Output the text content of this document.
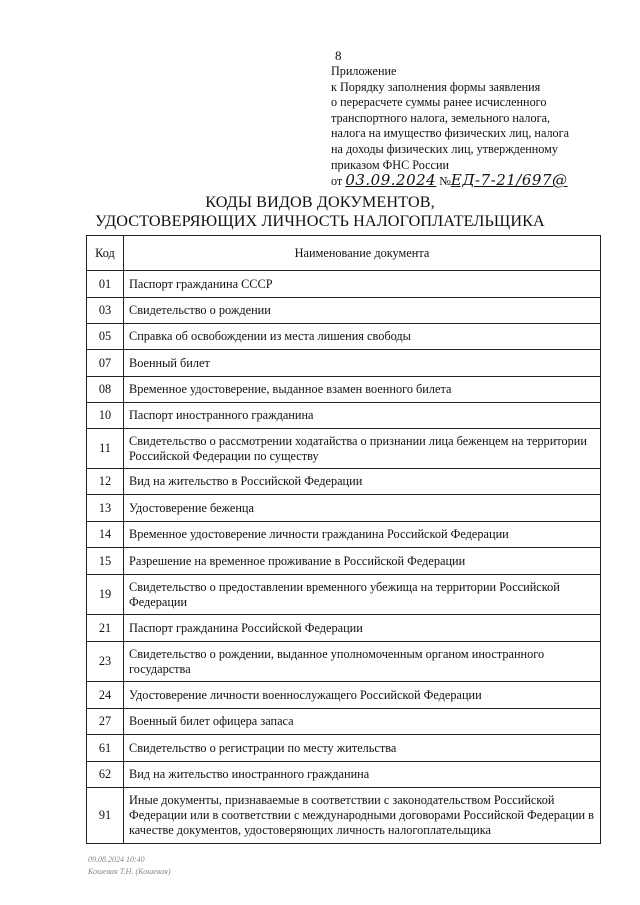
8
Приложение
к Порядку заполнения формы заявления
о перерасчете суммы ранее исчисленного
транспортного налога, земельного налога,
налога на имущество физических лиц, налога
на доходы физических лиц, утвержденному
приказом ФНС России
от 03.09.2024 №ЕД-7-21/697@
КОДЫ ВИДОВ ДОКУМЕНТОВ,
УДОСТОВЕРЯЮЩИХ ЛИЧНОСТЬ НАЛОГОПЛАТЕЛЬЩИКА
Код	Наименование документа
01	Паспорт гражданина СССР
03	Свидетельство о рождении
05	Справка об освобождении из места лишения свободы
07	Военный билет
08	Временное удостоверение, выданное взамен военного билета
10	Паспорт иностранного гражданина
11	Свидетельство о рассмотрении ходатайства о признании лица беженцем на территории Российской Федерации по существу
12	Вид на жительство в Российской Федерации
13	Удостоверение беженца
14	Временное удостоверение личности гражданина Российской Федерации
15	Разрешение на временное проживание в Российской Федерации
19	Свидетельство о предоставлении временного убежища на территории Российской Федерации
21	Паспорт гражданина Российской Федерации
23	Свидетельство о рождении, выданное уполномоченным органом иностранного государства
24	Удостоверение личности военнослужащего Российской Федерации
27	Военный билет офицера запаса
61	Свидетельство о регистрации по месту жительства
62	Вид на жительство иностранного гражданина
91	Иные документы, признаваемые в соответствии с законодательством Российской Федерации или в соответствии с международными договорами Российской Федерации в качестве документов, удостоверяющих личность налогоплательщика
09.08.2024 10:40
Кошевая Т.Н. (Кошевая)
